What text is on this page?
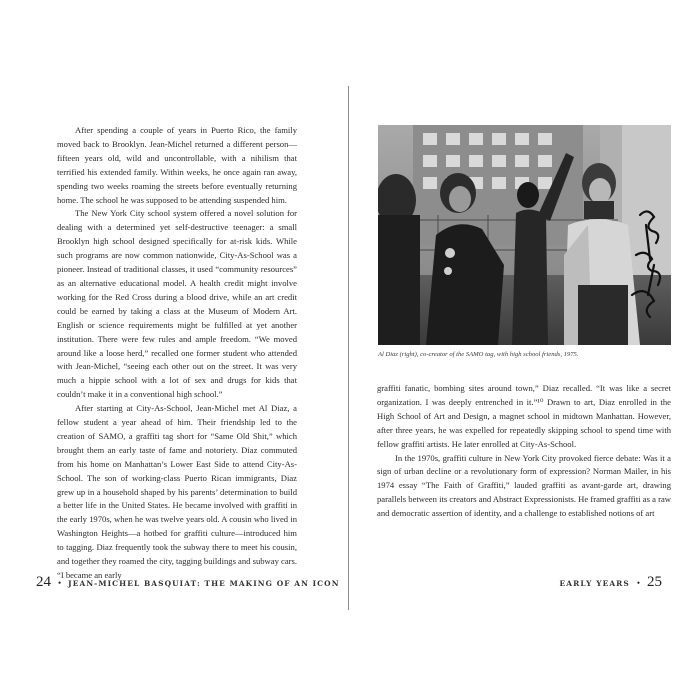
After spending a couple of years in Puerto Rico, the family moved back to Brooklyn. Jean-Michel returned a different person—fifteen years old, wild and uncontrollable, with a nihilism that terrified his extended family. Within weeks, he once again ran away, spending two weeks roaming the streets before eventually returning home. The school he was supposed to be attending suspended him.

The New York City school system offered a novel solution for dealing with a determined yet self-destructive teenager: a small Brooklyn high school designed specifically for at-risk kids. While such programs are now common nationwide, City-As-School was a pioneer. Instead of traditional classes, it used “community resources” as an alternative educational model. A health credit might involve working for the Red Cross during a blood drive, while an art credit could be earned by taking a class at the Museum of Modern Art. English or science requirements might be fulfilled at yet another institution. There were few rules and ample freedom. “We moved around like a loose herd,” recalled one former student who attended with Jean-Michel, “seeing each other out on the street. It was very much a hippie school with a lot of sex and drugs for kids that couldn’t make it in a conventional high school.”

After starting at City-As-School, Jean-Michel met Al Diaz, a fellow student a year ahead of him. Their friendship led to the creation of SAMO, a graffiti tag short for “Same Old Shit,” which brought them an early taste of fame and notoriety. Diaz commuted from his home on Manhattan’s Lower East Side to attend City-As-School. The son of working-class Puerto Rican immigrants, Diaz grew up in a household shaped by his parents’ determination to build a better life in the United States. He became involved with graffiti in the early 1970s, when he was twelve years old. A cousin who lived in Washington Heights—a hotbed for graffiti culture—introduced him to tagging. Diaz frequently took the subway there to meet his cousin, and together they roamed the city, tagging buildings and subway cars. “I became an early

24 • JEAN-MICHEL BASQUIAT: THE MAKING OF AN ICON
Al Diaz (right), co-creator of the SAMO tag, with high school friends, 1975.

graffiti fanatic, bombing sites around town,” Diaz recalled. “It was like a secret organization. I was deeply entrenched in it.”¹⁰ Drawn to art, Diaz enrolled in the High School of Art and Design, a magnet school in midtown Manhattan. However, after three years, he was expelled for repeatedly skipping school to spend time with fellow graffiti artists. He later enrolled at City-As-School.

In the 1970s, graffiti culture in New York City provoked fierce debate: Was it a sign of urban decline or a revolutionary form of expression? Norman Mailer, in his 1974 essay “The Faith of Graffiti,” lauded graffiti as avant-garde art, drawing parallels between its creators and Abstract Expressionists. He framed graffiti as a raw and democratic assertion of identity, and a challenge to established notions of art

EARLY YEARS • 25
